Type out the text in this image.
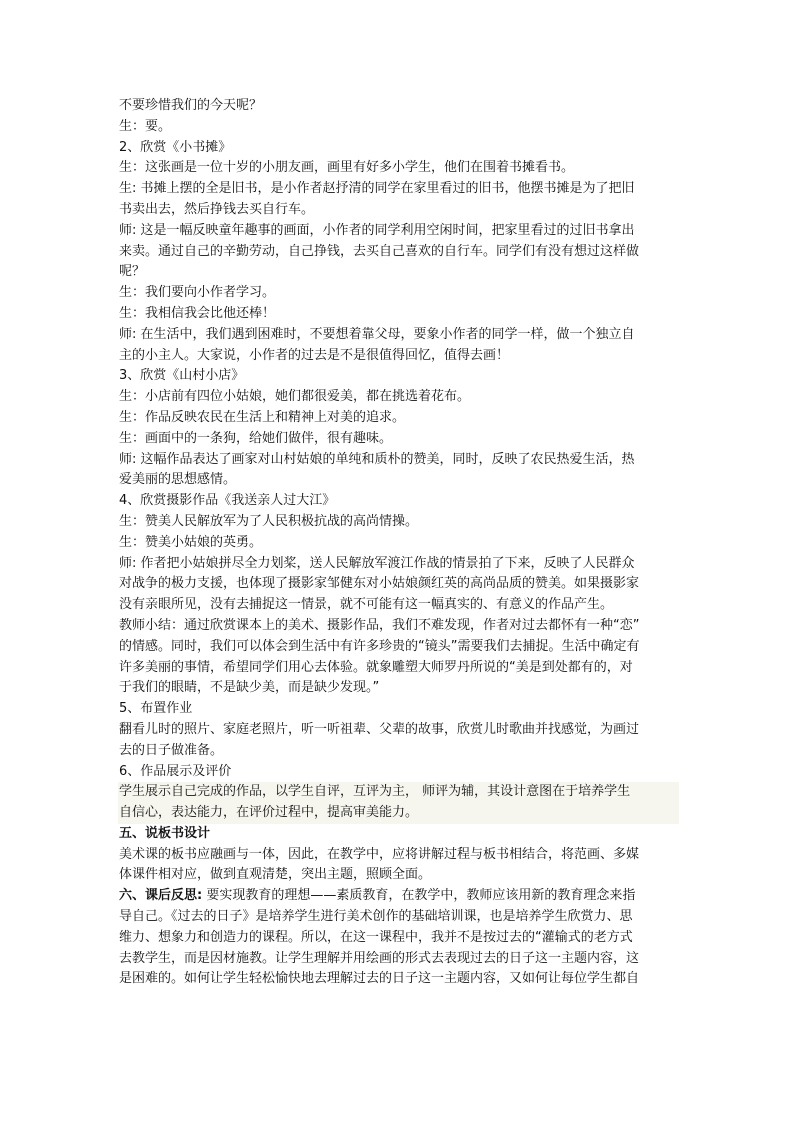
不要珍惜我们的今天呢？
生：要。
2、欣赏《小书摊》
生：这张画是一位十岁的小朋友画，画里有好多小学生，他们在围着书摊看书。
生: 书摊上摆的全是旧书，是小作者赵抒清的同学在家里看过的旧书，他摆书摊是为了把旧
书卖出去，然后挣钱去买自行车。
师: 这是一幅反映童年趣事的画面，小作者的同学利用空闲时间，把家里看过的过旧书拿出
来卖。通过自己的辛勤劳动，自己挣钱，去买自己喜欢的自行车。同学们有没有想过这样做
呢？
生：我们要向小作者学习。
生：我相信我会比他还棒！
师: 在生活中，我们遇到困难时，不要想着靠父母，要象小作者的同学一样，做一个独立自
主的小主人。大家说，小作者的过去是不是很值得回忆，值得去画！
3、欣赏《山村小店》
生：小店前有四位小姑娘，她们都很爱美，都在挑选着花布。
生：作品反映农民在生活上和精神上对美的追求。
生：画面中的一条狗，给她们做伴，很有趣味。
师: 这幅作品表达了画家对山村姑娘的单纯和质朴的赞美，同时，反映了农民热爱生活，热
爱美丽的思想感情。
4、欣赏摄影作品《我送亲人过大江》
生：赞美人民解放军为了人民积极抗战的高尚情操。
生：赞美小姑娘的英勇。
师: 作者把小姑娘拼尽全力划桨，送人民解放军渡江作战的情景拍了下来，反映了人民群众
对战争的极力支援，也体现了摄影家邹健东对小姑娘颜红英的高尚品质的赞美。如果摄影家
没有亲眼所见，没有去捕捉这一情景，就不可能有这一幅真实的、有意义的作品产生。
教师小结：通过欣赏课本上的美术、摄影作品，我们不难发现，作者对过去都怀有一种“恋”
的情感。同时，我们可以体会到生活中有许多珍贵的“镜头”需要我们去捕捉。生活中确定有
许多美丽的事情，希望同学们用心去体验。就象雕塑大师罗丹所说的“美是到处都有的，对
于我们的眼睛，不是缺少美，而是缺少发现。”
5、布置作业
翻看儿时的照片、家庭老照片，听一听祖辈、父辈的故事，欣赏儿时歌曲并找感觉，为画过
去的日子做准备。
6、作品展示及评价
学生展示自己完成的作品，以学生自评，互评为主， 师评为辅，其设计意图在于培养学生
自信心，表达能力，在评价过程中，提高审美能力。
五、说板书设计
美术课的板书应融画与一体，因此，在教学中，应将讲解过程与板书相结合，将范画、多媒
体课件相对应，做到直观清楚，突出主题，照顾全面。
六、课后反思: 要实现教育的理想——素质教育，在教学中，教师应该用新的教育理念来指
导自己。《过去的日子》是培养学生进行美术创作的基础培训课，也是培养学生欣赏力、思
维力、想象力和创造力的课程。所以，在这一课程中，我并不是按过去的“灌输式的老方式
去教学生，而是因材施教。让学生理解并用绘画的形式去表现过去的日子这一主题内容，这
是困难的。如何让学生轻松愉快地去理解过去的日子这一主题内容，又如何让每位学生都自
